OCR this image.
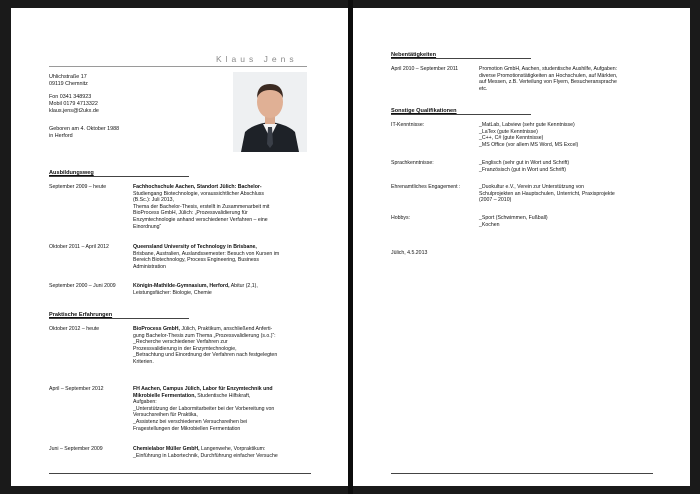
Klaus Jens
Uhlichstraße 17
09119 Chemnitz
Fon 0341 348923
Mobil 0179 4713322
klaus.jens@t2ukx.de
Geboren am 4. Oktober 1988
in Herford
Ausbildungsweg
September 2009 – heute	Fachhochschule Aachen, Standort Jülich: Bachelor-
Studiengang Biotechnologie, voraussichtlicher Abschluss
(B.Sc.): Juli 2013,
Thema der Bachelor-Thesis, erstellt in Zusammenarbeit mit
BioProcess GmbH, Jülich: „Prozessvalidierung für
Enzymtechnologie anhand verschiedener Verfahren – eine
Einordnung“
Oktober 2011 – April 2012	Queensland University of Technology in Brisbane,
Brisbane, Australien, Auslandssemester: Besuch von Kursen im
Bereich Biotechnology, Process Engineering, Business
Administration
September 2000 – Juni 2009	Königin-Mathilde-Gymnasium, Herford, Abitur (2,1),
Leistungsfächer: Biologie, Chemie
Praktische Erfahrungen
Oktober 2012 – heute	BioProcess GmbH, Jülich, Praktikum, anschließend Anferti-
gung Bachelor-Thesis zum Thema „Prozessvalidierung (s.o.)“:
_Recherche verschiedener Verfahren zur
Prozessvalidierung in der Enzymtechnologie,
_Betrachtung und Einordnung der Verfahren nach festgelegten
Kriterien.
April – September 2012	FH Aachen, Campus Jülich, Labor für Enzymtechnik und
Mikrobielle Fermentation, Studentische Hilfskraft,
Aufgaben:
_Unterstützung der Labormitarbeiter bei der Vorbereitung von
Versuchsreihen für Praktika,
_Assistenz bei verschiedenen Versuchsreihen bei
Fragestellungen der Mikrobiellen Fermentation
Juni – September 2009	Chemielabor Müller GmbH, Langenwehe, Vorpraktikum:
_Einführung in Labortechnik, Durchführung einfacher Versuche
Nebentätigkeiten
April 2010 – September 2011	Promotion GmbH, Aachen, studentische Aushilfe, Aufgaben:
diverse Promotionstätigkeiten an Hochschulen, auf Märkten,
auf Messen, z.B. Verteilung von Flyern, Besucheransprache
etc.
Sonstige Qualifikationen
IT-Kenntnisse:	_MatLab, Labview (sehr gute Kenntnisse)
_LaTex (gute Kenntnisse)
_C++, C# (gute Kenntnisse)
_MS Office (vor allem MS Word, MS Excel)
Sprachkenntnisse:	_Englisch (sehr gut in Wort und Schrift)
_Französisch (gut in Wort und Schrift)
Ehrenamtliches Engagement :	_Duokultur e.V., Verein zur Unterstützung von
Schulprojekten an Hauptschulen, Unterricht, Praxisprojekte
(2007 – 2010)
Hobbys:	_Sport (Schwimmen, Fußball)
_Kochen
Jülich, 4.5.2013
